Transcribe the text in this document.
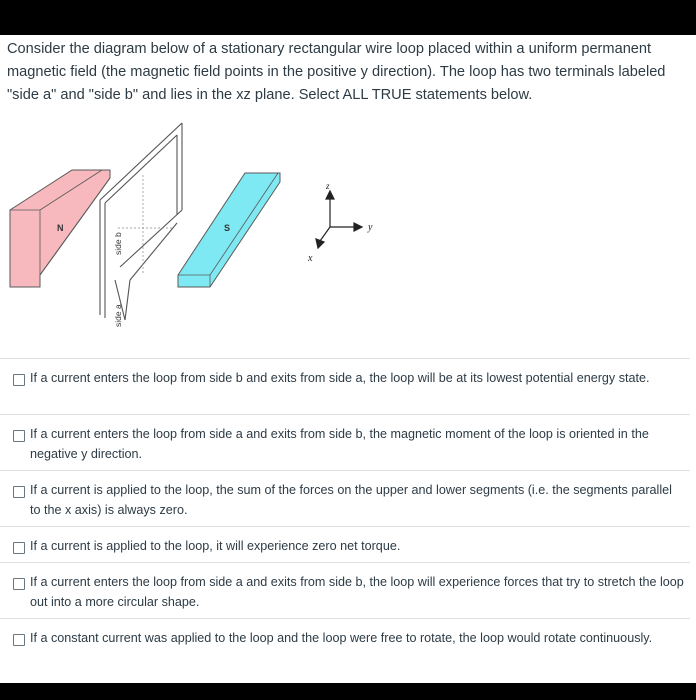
Consider the diagram below of a stationary rectangular wire loop placed within a uniform permanent magnetic field (the magnetic field points in the positive y direction). The loop has two terminals labeled "side a" and "side b" and lies in the xz plane. Select ALL TRUE statements below.
N
side b
side a
S
z
y
x
If a current enters the loop from side b and exits from side a, the loop will be at its lowest potential energy state.
If a current enters the loop from side a and exits from side b, the magnetic moment of the loop is oriented in the negative y direction.
If a current is applied to the loop, the sum of the forces on the upper and lower segments (i.e. the segments parallel to the x axis) is always zero.
If a current is applied to the loop, it will experience zero net torque.
If a current enters the loop from side a and exits from side b, the loop will experience forces that try to stretch the loop out into a more circular shape.
If a constant current was applied to the loop and the loop were free to rotate, the loop would rotate continuously.
